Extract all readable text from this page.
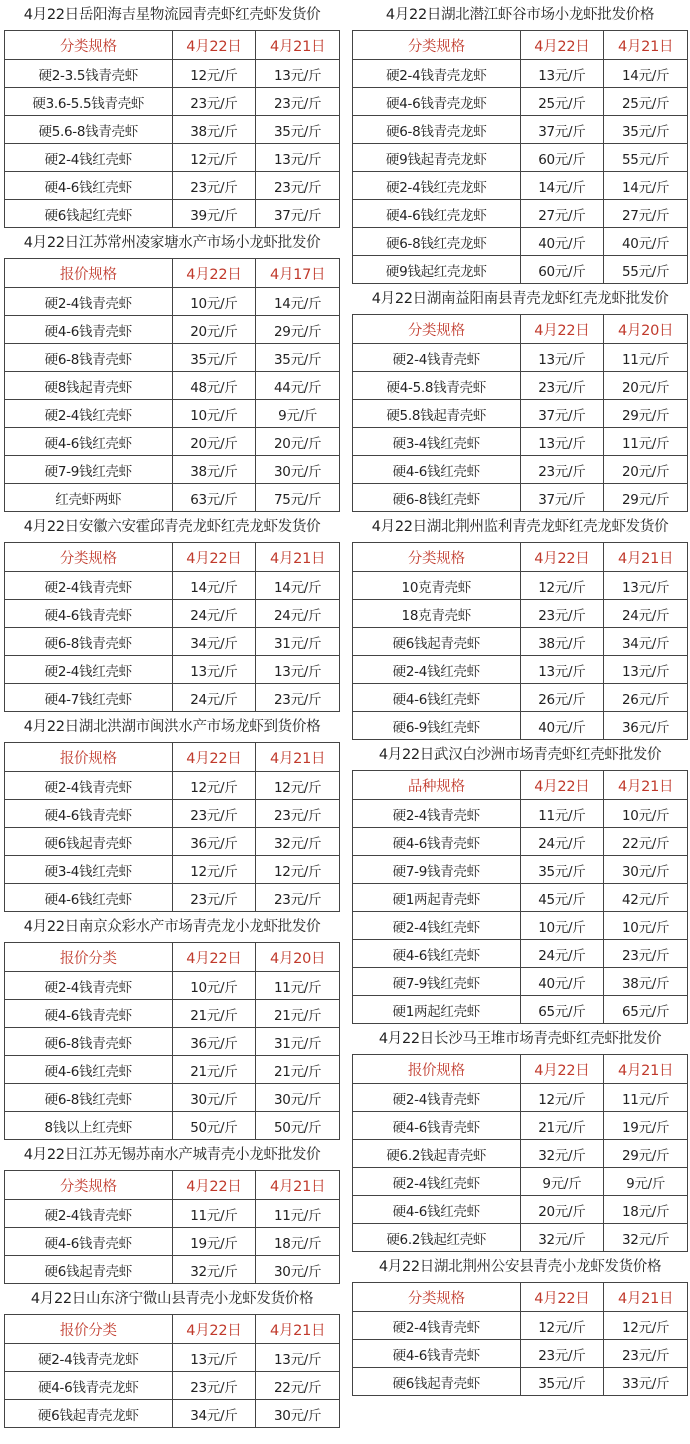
4月22日岳阳海吉星物流园青壳虾红壳虾发货价
分类规格	4月22日	4月21日
硬2-3.5钱青壳虾	12元/斤	13元/斤
硬3.6-5.5钱青壳虾	23元/斤	23元/斤
硬5.6-8钱青壳虾	38元/斤	35元/斤
硬2-4钱红壳虾	12元/斤	13元/斤
硬4-6钱红壳虾	23元/斤	23元/斤
硬6钱起红壳虾	39元/斤	37元/斤
4月22日江苏常州凌家塘水产市场小龙虾批发价
报价规格	4月22日	4月17日
硬2-4钱青壳虾	10元/斤	14元/斤
硬4-6钱青壳虾	20元/斤	29元/斤
硬6-8钱青壳虾	35元/斤	35元/斤
硬8钱起青壳虾	48元/斤	44元/斤
硬2-4钱红壳虾	10元/斤	9元/斤
硬4-6钱红壳虾	20元/斤	20元/斤
硬7-9钱红壳虾	38元/斤	30元/斤
红壳虾两虾	63元/斤	75元/斤
4月22日安徽六安霍邱青壳龙虾红壳龙虾发货价
分类规格	4月22日	4月21日
硬2-4钱青壳虾	14元/斤	14元/斤
硬4-6钱青壳虾	24元/斤	24元/斤
硬6-8钱青壳虾	34元/斤	31元/斤
硬2-4钱红壳虾	13元/斤	13元/斤
硬4-7钱红壳虾	24元/斤	23元/斤
4月22日湖北洪湖市闽洪水产市场龙虾到货价格
报价规格	4月22日	4月21日
硬2-4钱青壳虾	12元/斤	12元/斤
硬4-6钱青壳虾	23元/斤	23元/斤
硬6钱起青壳虾	36元/斤	32元/斤
硬3-4钱红壳虾	12元/斤	12元/斤
硬4-6钱红壳虾	23元/斤	23元/斤
4月22日南京众彩水产市场青壳龙小龙虾批发价
报价分类	4月22日	4月20日
硬2-4钱青壳虾	10元/斤	11元/斤
硬4-6钱青壳虾	21元/斤	21元/斤
硬6-8钱青壳虾	36元/斤	31元/斤
硬4-6钱红壳虾	21元/斤	21元/斤
硬6-8钱红壳虾	30元/斤	30元/斤
8钱以上红壳虾	50元/斤	50元/斤
4月22日江苏无锡苏南水产城青壳小龙虾批发价
分类规格	4月22日	4月21日
硬2-4钱青壳虾	11元/斤	11元/斤
硬4-6钱青壳虾	19元/斤	18元/斤
硬6钱起青壳虾	32元/斤	30元/斤
4月22日山东济宁微山县青壳小龙虾发货价格
报价分类	4月22日	4月21日
硬2-4钱青壳龙虾	13元/斤	13元/斤
硬4-6钱青壳龙虾	23元/斤	22元/斤
硬6钱起青壳龙虾	34元/斤	30元/斤
4月22日湖北潜江虾谷市场小龙虾批发价格
分类规格	4月22日	4月21日
硬2-4钱青壳龙虾	13元/斤	14元/斤
硬4-6钱青壳龙虾	25元/斤	25元/斤
硬6-8钱青壳龙虾	37元/斤	35元/斤
硬9钱起青壳龙虾	60元/斤	55元/斤
硬2-4钱红壳龙虾	14元/斤	14元/斤
硬4-6钱红壳龙虾	27元/斤	27元/斤
硬6-8钱红壳龙虾	40元/斤	40元/斤
硬9钱起红壳龙虾	60元/斤	55元/斤
4月22日湖南益阳南县青壳龙虾红壳龙虾批发价
分类规格	4月22日	4月20日
硬2-4钱青壳虾	13元/斤	11元/斤
硬4-5.8钱青壳虾	23元/斤	20元/斤
硬5.8钱起青壳虾	37元/斤	29元/斤
硬3-4钱红壳虾	13元/斤	11元/斤
硬4-6钱红壳虾	23元/斤	20元/斤
硬6-8钱红壳虾	37元/斤	29元/斤
4月22日湖北荆州监利青壳龙虾红壳龙虾发货价
分类规格	4月22日	4月21日
10克青壳虾	12元/斤	13元/斤
18克青壳虾	23元/斤	24元/斤
硬6钱起青壳虾	38元/斤	34元/斤
硬2-4钱红壳虾	13元/斤	13元/斤
硬4-6钱红壳虾	26元/斤	26元/斤
硬6-9钱红壳虾	40元/斤	36元/斤
4月22日武汉白沙洲市场青壳虾红壳虾批发价
品种规格	4月22日	4月21日
硬2-4钱青壳虾	11元/斤	10元/斤
硬4-6钱青壳虾	24元/斤	22元/斤
硬7-9钱青壳虾	35元/斤	30元/斤
硬1两起青壳虾	45元/斤	42元/斤
硬2-4钱红壳虾	10元/斤	10元/斤
硬4-6钱红壳虾	24元/斤	23元/斤
硬7-9钱红壳虾	40元/斤	38元/斤
硬1两起红壳虾	65元/斤	65元/斤
4月22日长沙马王堆市场青壳虾红壳虾批发价
报价规格	4月22日	4月21日
硬2-4钱青壳虾	12元/斤	11元/斤
硬4-6钱青壳虾	21元/斤	19元/斤
硬6.2钱起青壳虾	32元/斤	29元/斤
硬2-4钱红壳虾	9元/斤	9元/斤
硬4-6钱红壳虾	20元/斤	18元/斤
硬6.2钱起红壳虾	32元/斤	32元/斤
4月22日湖北荆州公安县青壳小龙虾发货价格
分类规格	4月22日	4月21日
硬2-4钱青壳虾	12元/斤	12元/斤
硬4-6钱青壳虾	23元/斤	23元/斤
硬6钱起青壳虾	35元/斤	33元/斤
